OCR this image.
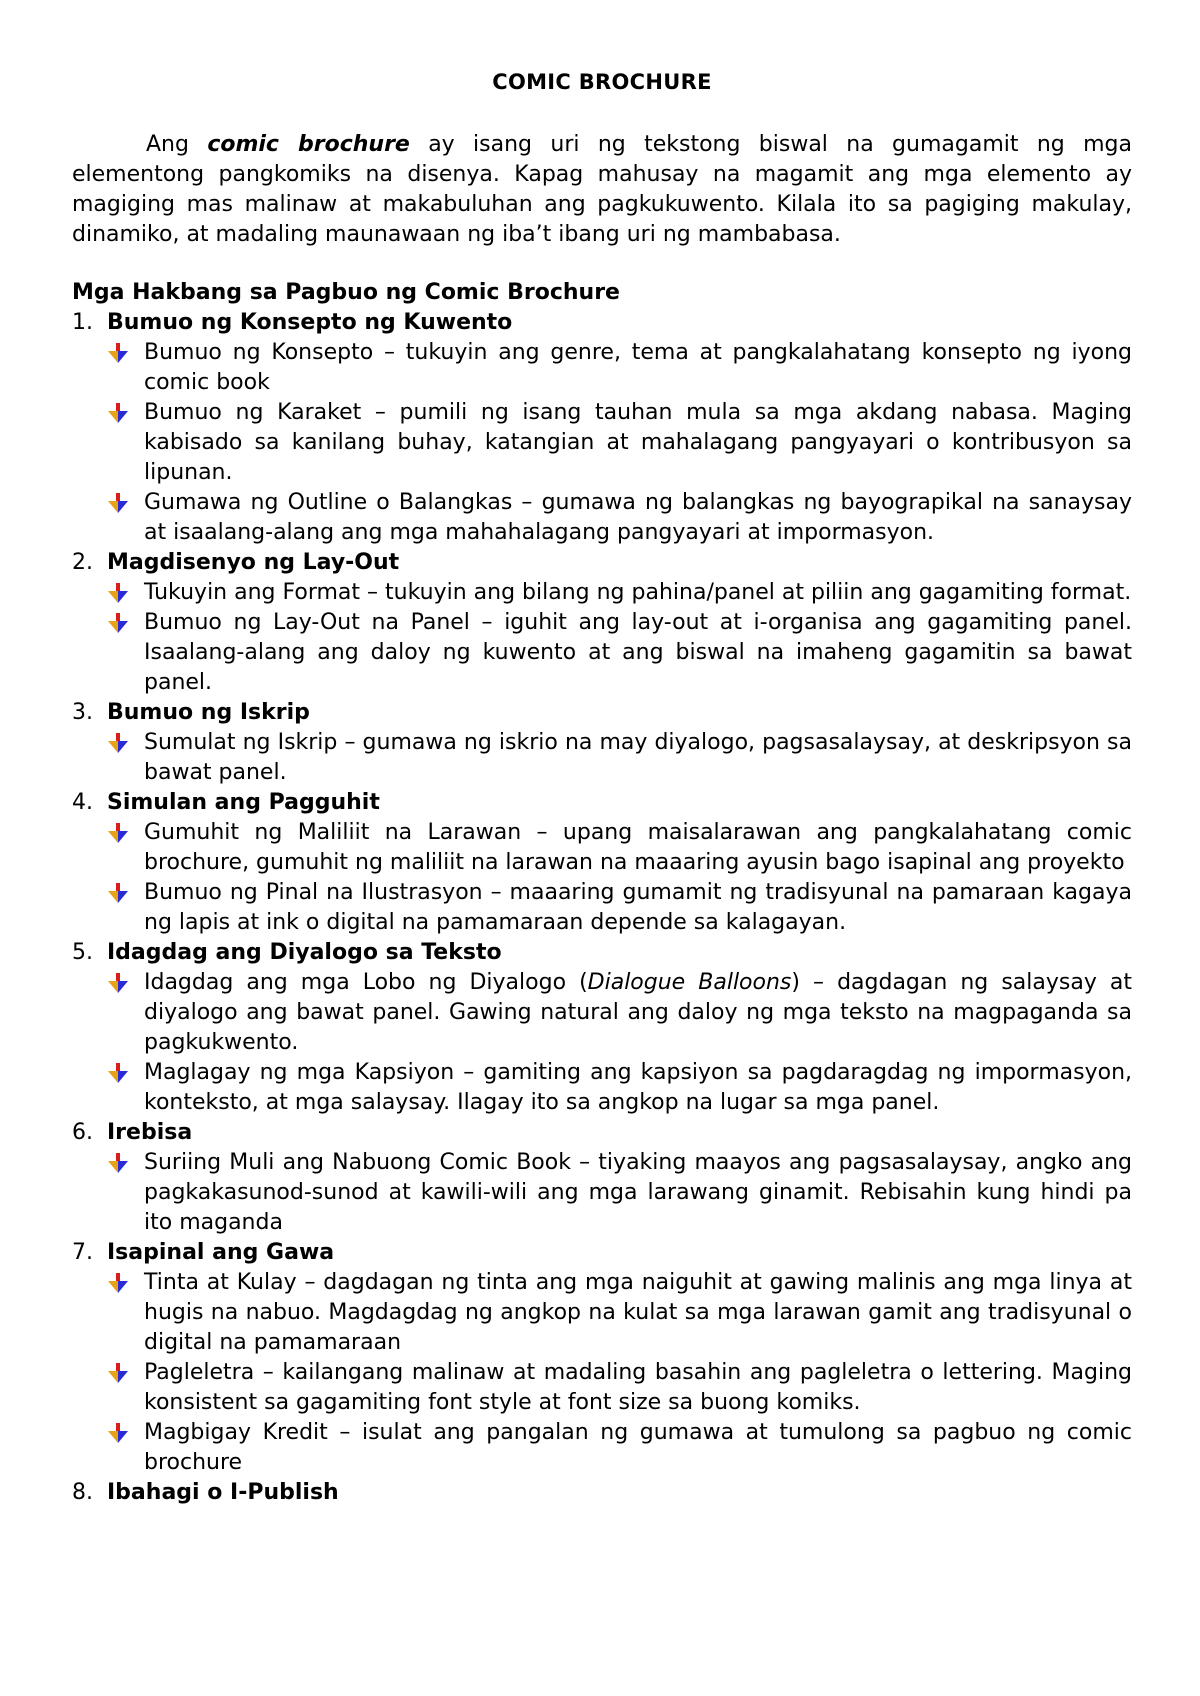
COMIC BROCHURE

Ang comic brochure ay isang uri ng tekstong biswal na gumagamit ng mga elementong pangkomiks na disenya. Kapag mahusay na magamit ang mga elemento ay magiging mas malinaw at makabuluhan ang pagkukuwento. Kilala ito sa pagiging makulay, dinamiko, at madaling maunawaan ng iba’t ibang uri ng mambabasa.

Mga Hakbang sa Pagbuo ng Comic Brochure
1. Bumuo ng Konsepto ng Kuwento
Bumuo ng Konsepto – tukuyin ang genre, tema at pangkalahatang konsepto ng iyong comic book
Bumuo ng Karaket – pumili ng isang tauhan mula sa mga akdang nabasa. Maging kabisado sa kanilang buhay, katangian at mahalagang pangyayari o kontribusyon sa lipunan.
Gumawa ng Outline o Balangkas – gumawa ng balangkas ng bayograpikal na sanaysay at isaalang-alang ang mga mahahalagang pangyayari at impormasyon.
2. Magdisenyo ng Lay-Out
Tukuyin ang Format – tukuyin ang bilang ng pahina/panel at piliin ang gagamiting format.
Bumuo ng Lay-Out na Panel – iguhit ang lay-out at i-organisa ang gagamiting panel. Isaalang-alang ang daloy ng kuwento at ang biswal na imaheng gagamitin sa bawat panel.
3. Bumuo ng Iskrip
Sumulat ng Iskrip – gumawa ng iskrio na may diyalogo, pagsasalaysay, at deskripsyon sa bawat panel.
4. Simulan ang Pagguhit
Gumuhit ng Maliliit na Larawan – upang maisalarawan ang pangkalahatang comic brochure, gumuhit ng maliliit na larawan na maaaring ayusin bago isapinal ang proyekto
Bumuo ng Pinal na Ilustrasyon – maaaring gumamit ng tradisyunal na pamaraan kagaya ng lapis at ink o digital na pamamaraan depende sa kalagayan.
5. Idagdag ang Diyalogo sa Teksto
Idagdag ang mga Lobo ng Diyalogo (Dialogue Balloons) – dagdagan ng salaysay at diyalogo ang bawat panel. Gawing natural ang daloy ng mga teksto na magpaganda sa pagkukwento.
Maglagay ng mga Kapsiyon – gamiting ang kapsiyon sa pagdaragdag ng impormasyon, konteksto, at mga salaysay. Ilagay ito sa angkop na lugar sa mga panel.
6. Irebisa
Suriing Muli ang Nabuong Comic Book – tiyaking maayos ang pagsasalaysay, angko ang pagkakasunod-sunod at kawili-wili ang mga larawang ginamit. Rebisahin kung hindi pa ito maganda
7. Isapinal ang Gawa
Tinta at Kulay – dagdagan ng tinta ang mga naiguhit at gawing malinis ang mga linya at hugis na nabuo. Magdagdag ng angkop na kulat sa mga larawan gamit ang tradisyunal o digital na pamamaraan
Pagleletra – kailangang malinaw at madaling basahin ang pagleletra o lettering. Maging konsistent sa gagamiting font style at font size sa buong komiks.
Magbigay Kredit – isulat ang pangalan ng gumawa at tumulong sa pagbuo ng comic brochure
8. Ibahagi o I-Publish
